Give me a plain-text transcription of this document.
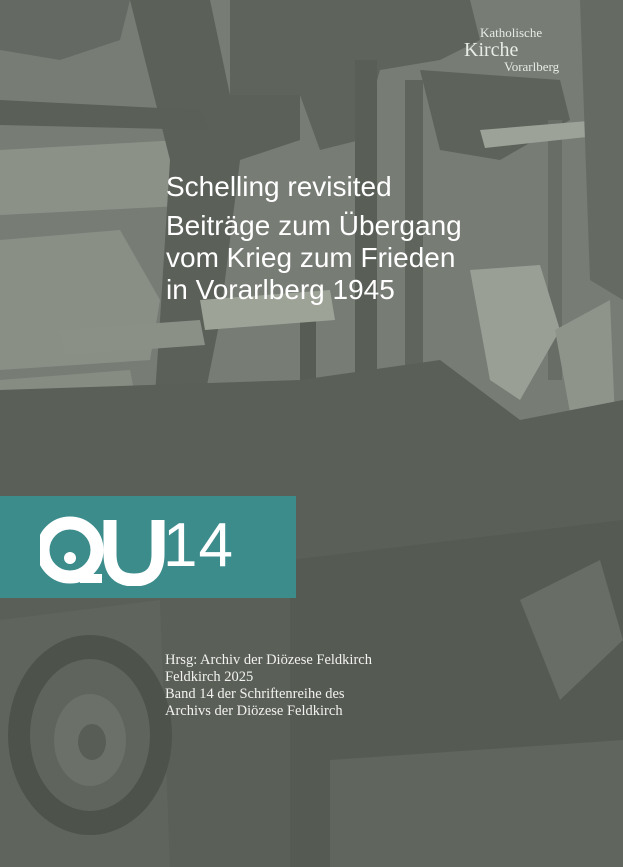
Katholische
Kirche
Vorarlberg
Schelling revisited
Beiträge zum Übergang
vom Krieg zum Frieden
in Vorarlberg 1945
14
Hrsg: Archiv der Diözese Feldkirch
Feldkirch 2025
Band 14 der Schriftenreihe des
Archivs der Diözese Feldkirch
